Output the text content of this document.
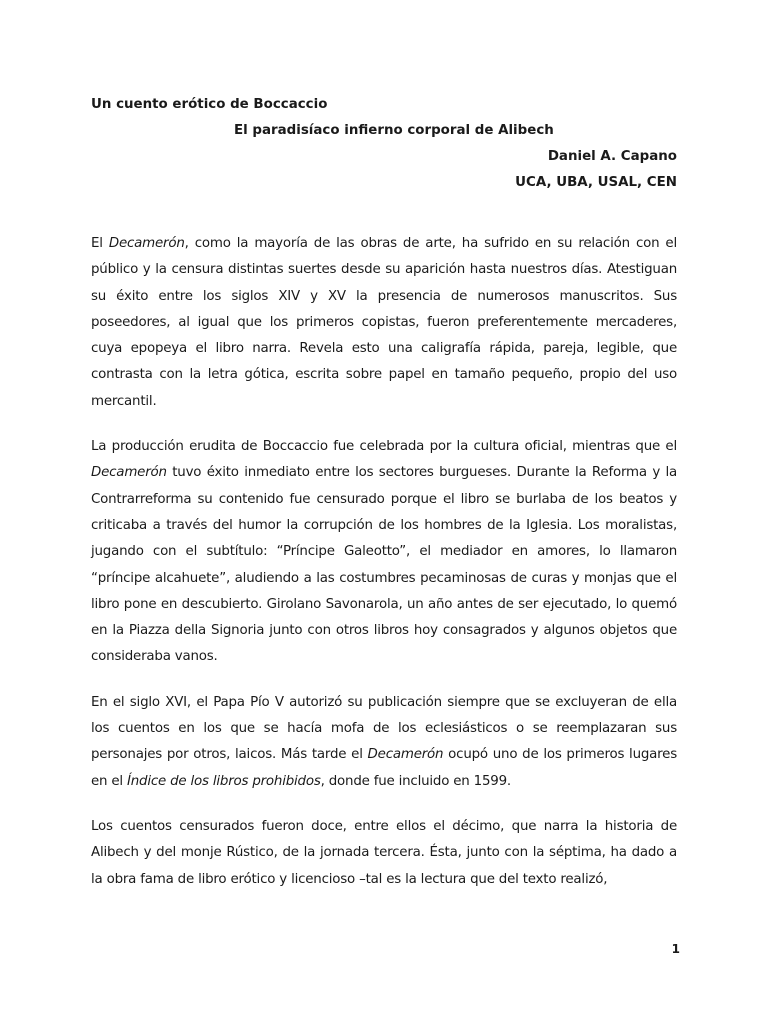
Un cuento erótico de Boccaccio

El paradisíaco infierno corporal de Alibech

Daniel A. Capano

UCA, UBA, USAL, CEN

El Decamerón, como la mayoría de las obras de arte, ha sufrido en su relación con el público y la censura distintas suertes desde su aparición hasta nuestros días. Atestiguan su éxito entre los siglos XIV y XV la presencia de numerosos manuscritos. Sus poseedores, al igual que los primeros copistas, fueron preferentemente mercaderes, cuya epopeya el libro narra. Revela esto una caligrafía rápida, pareja, legible, que contrasta con la letra gótica, escrita sobre papel en tamaño pequeño, propio del uso mercantil.

La producción erudita de Boccaccio fue celebrada por la cultura oficial, mientras que el Decamerón tuvo éxito inmediato entre los sectores burgueses. Durante la Reforma y la Contrarreforma su contenido fue censurado porque el libro se burlaba de los beatos y criticaba a través del humor la corrupción de los hombres de la Iglesia. Los moralistas, jugando con el subtítulo: “Príncipe Galeotto”, el mediador en amores, lo llamaron “príncipe alcahuete”, aludiendo a las costumbres pecaminosas de curas y monjas que el libro pone en descubierto. Girolano Savonarola, un año antes de ser ejecutado, lo quemó en la Piazza della Signoria junto con otros libros hoy consagrados y algunos objetos que consideraba vanos.

En el siglo XVI, el Papa Pío V autorizó su publicación siempre que se excluyeran de ella los cuentos en los que se hacía mofa de los eclesiásticos o se reemplazaran sus personajes por otros, laicos. Más tarde el Decamerón ocupó uno de los primeros lugares en el Índice de los libros prohibidos, donde fue incluido en 1599.

Los cuentos censurados fueron doce, entre ellos el décimo, que narra la historia de Alibech y del monje Rústico, de la jornada tercera. Ésta, junto con la séptima, ha dado a la obra fama de libro erótico y licencioso –tal es la lectura que del texto realizó,

1
